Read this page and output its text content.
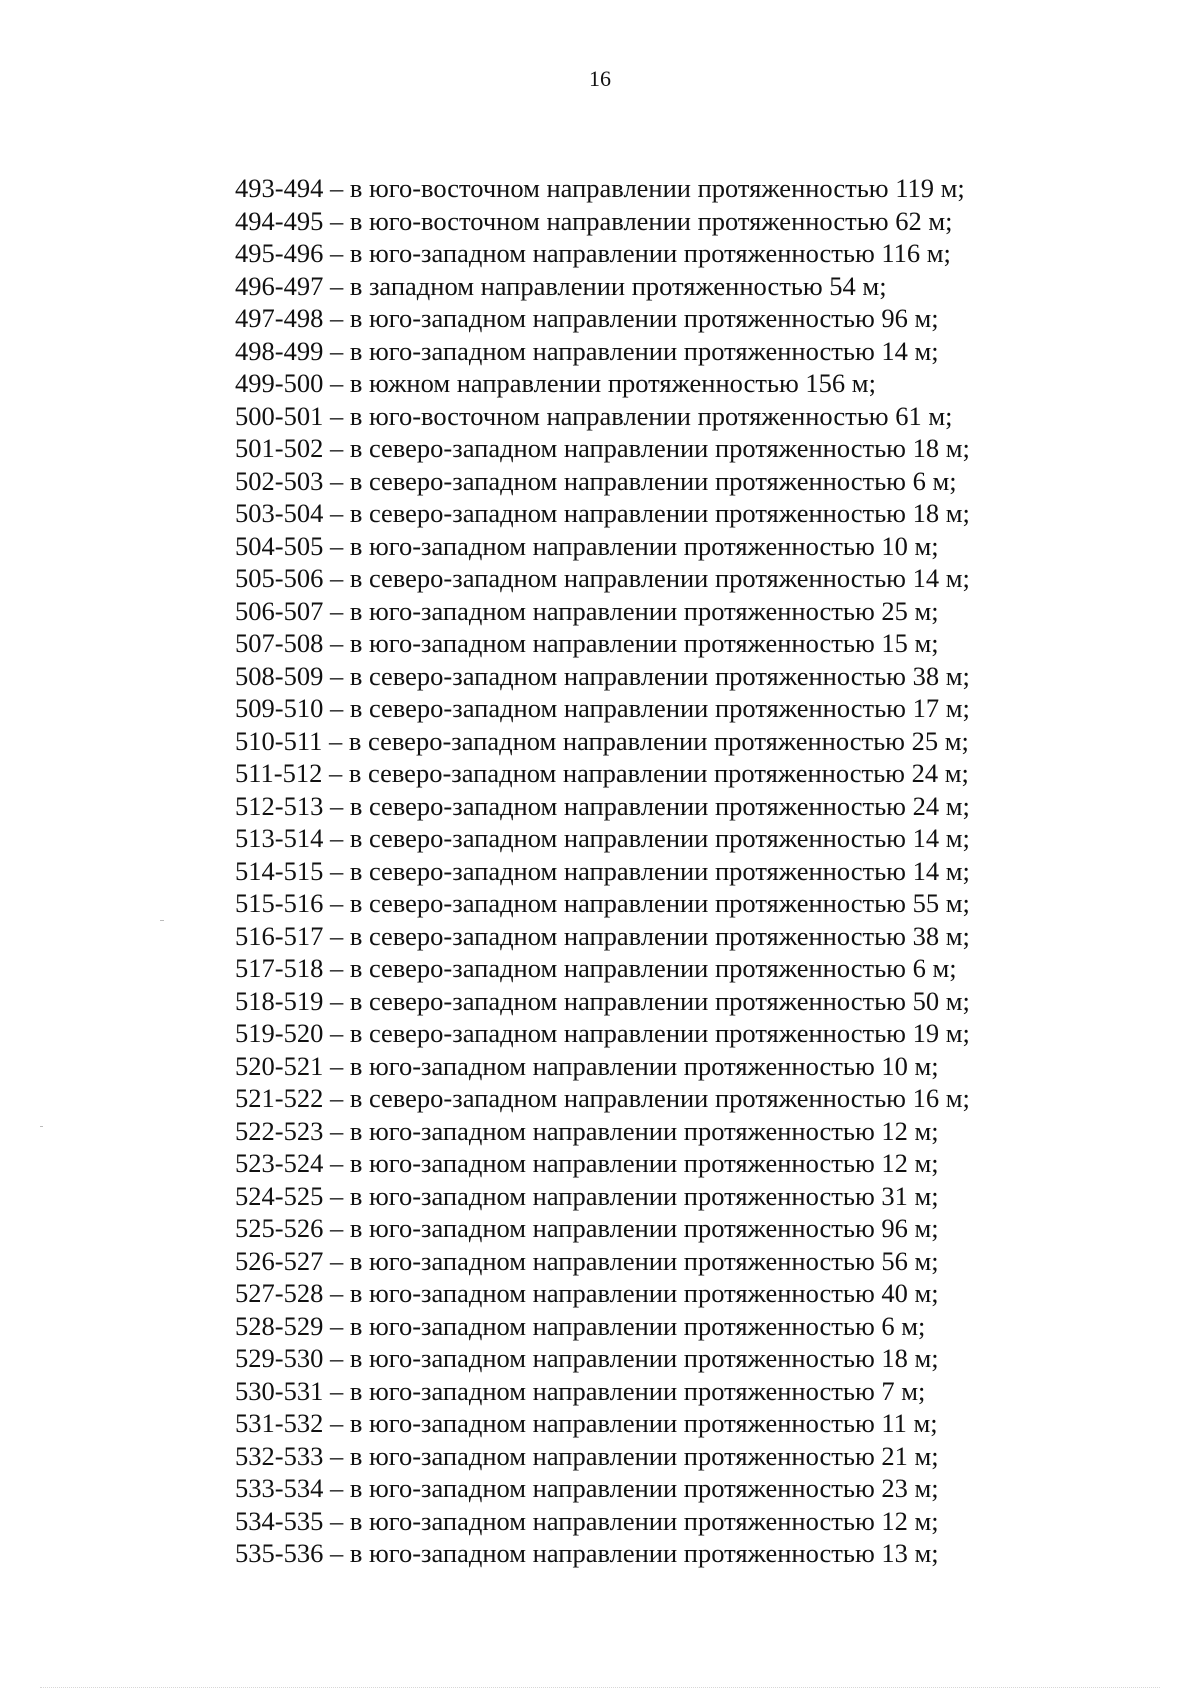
16
493-494 – в юго-восточном направлении протяженностью 119 м;
494-495 – в юго-восточном направлении протяженностью 62 м;
495-496 – в юго-западном направлении протяженностью 116 м;
496-497 – в западном направлении протяженностью 54 м;
497-498 – в юго-западном направлении протяженностью 96 м;
498-499 – в юго-западном направлении протяженностью 14 м;
499-500 – в южном направлении протяженностью 156 м;
500-501 – в юго-восточном направлении протяженностью 61 м;
501-502 – в северо-западном направлении протяженностью 18 м;
502-503 – в северо-западном направлении протяженностью 6 м;
503-504 – в северо-западном направлении протяженностью 18 м;
504-505 – в юго-западном направлении протяженностью 10 м;
505-506 – в северо-западном направлении протяженностью 14 м;
506-507 – в юго-западном направлении протяженностью 25 м;
507-508 – в юго-западном направлении протяженностью 15 м;
508-509 – в северо-западном направлении протяженностью 38 м;
509-510 – в северо-западном направлении протяженностью 17 м;
510-511 – в северо-западном направлении протяженностью 25 м;
511-512 – в северо-западном направлении протяженностью 24 м;
512-513 – в северо-западном направлении протяженностью 24 м;
513-514 – в северо-западном направлении протяженностью 14 м;
514-515 – в северо-западном направлении протяженностью 14 м;
515-516 – в северо-западном направлении протяженностью 55 м;
516-517 – в северо-западном направлении протяженностью 38 м;
517-518 – в северо-западном направлении протяженностью 6 м;
518-519 – в северо-западном направлении протяженностью 50 м;
519-520 – в северо-западном направлении протяженностью 19 м;
520-521 – в юго-западном направлении протяженностью 10 м;
521-522 – в северо-западном направлении протяженностью 16 м;
522-523 – в юго-западном направлении протяженностью 12 м;
523-524 – в юго-западном направлении протяженностью 12 м;
524-525 – в юго-западном направлении протяженностью 31 м;
525-526 – в юго-западном направлении протяженностью 96 м;
526-527 – в юго-западном направлении протяженностью 56 м;
527-528 – в юго-западном направлении протяженностью 40 м;
528-529 – в юго-западном направлении протяженностью 6 м;
529-530 – в юго-западном направлении протяженностью 18 м;
530-531 – в юго-западном направлении протяженностью 7 м;
531-532 – в юго-западном направлении протяженностью 11 м;
532-533 – в юго-западном направлении протяженностью 21 м;
533-534 – в юго-западном направлении протяженностью 23 м;
534-535 – в юго-западном направлении протяженностью 12 м;
535-536 – в юго-западном направлении протяженностью 13 м;
